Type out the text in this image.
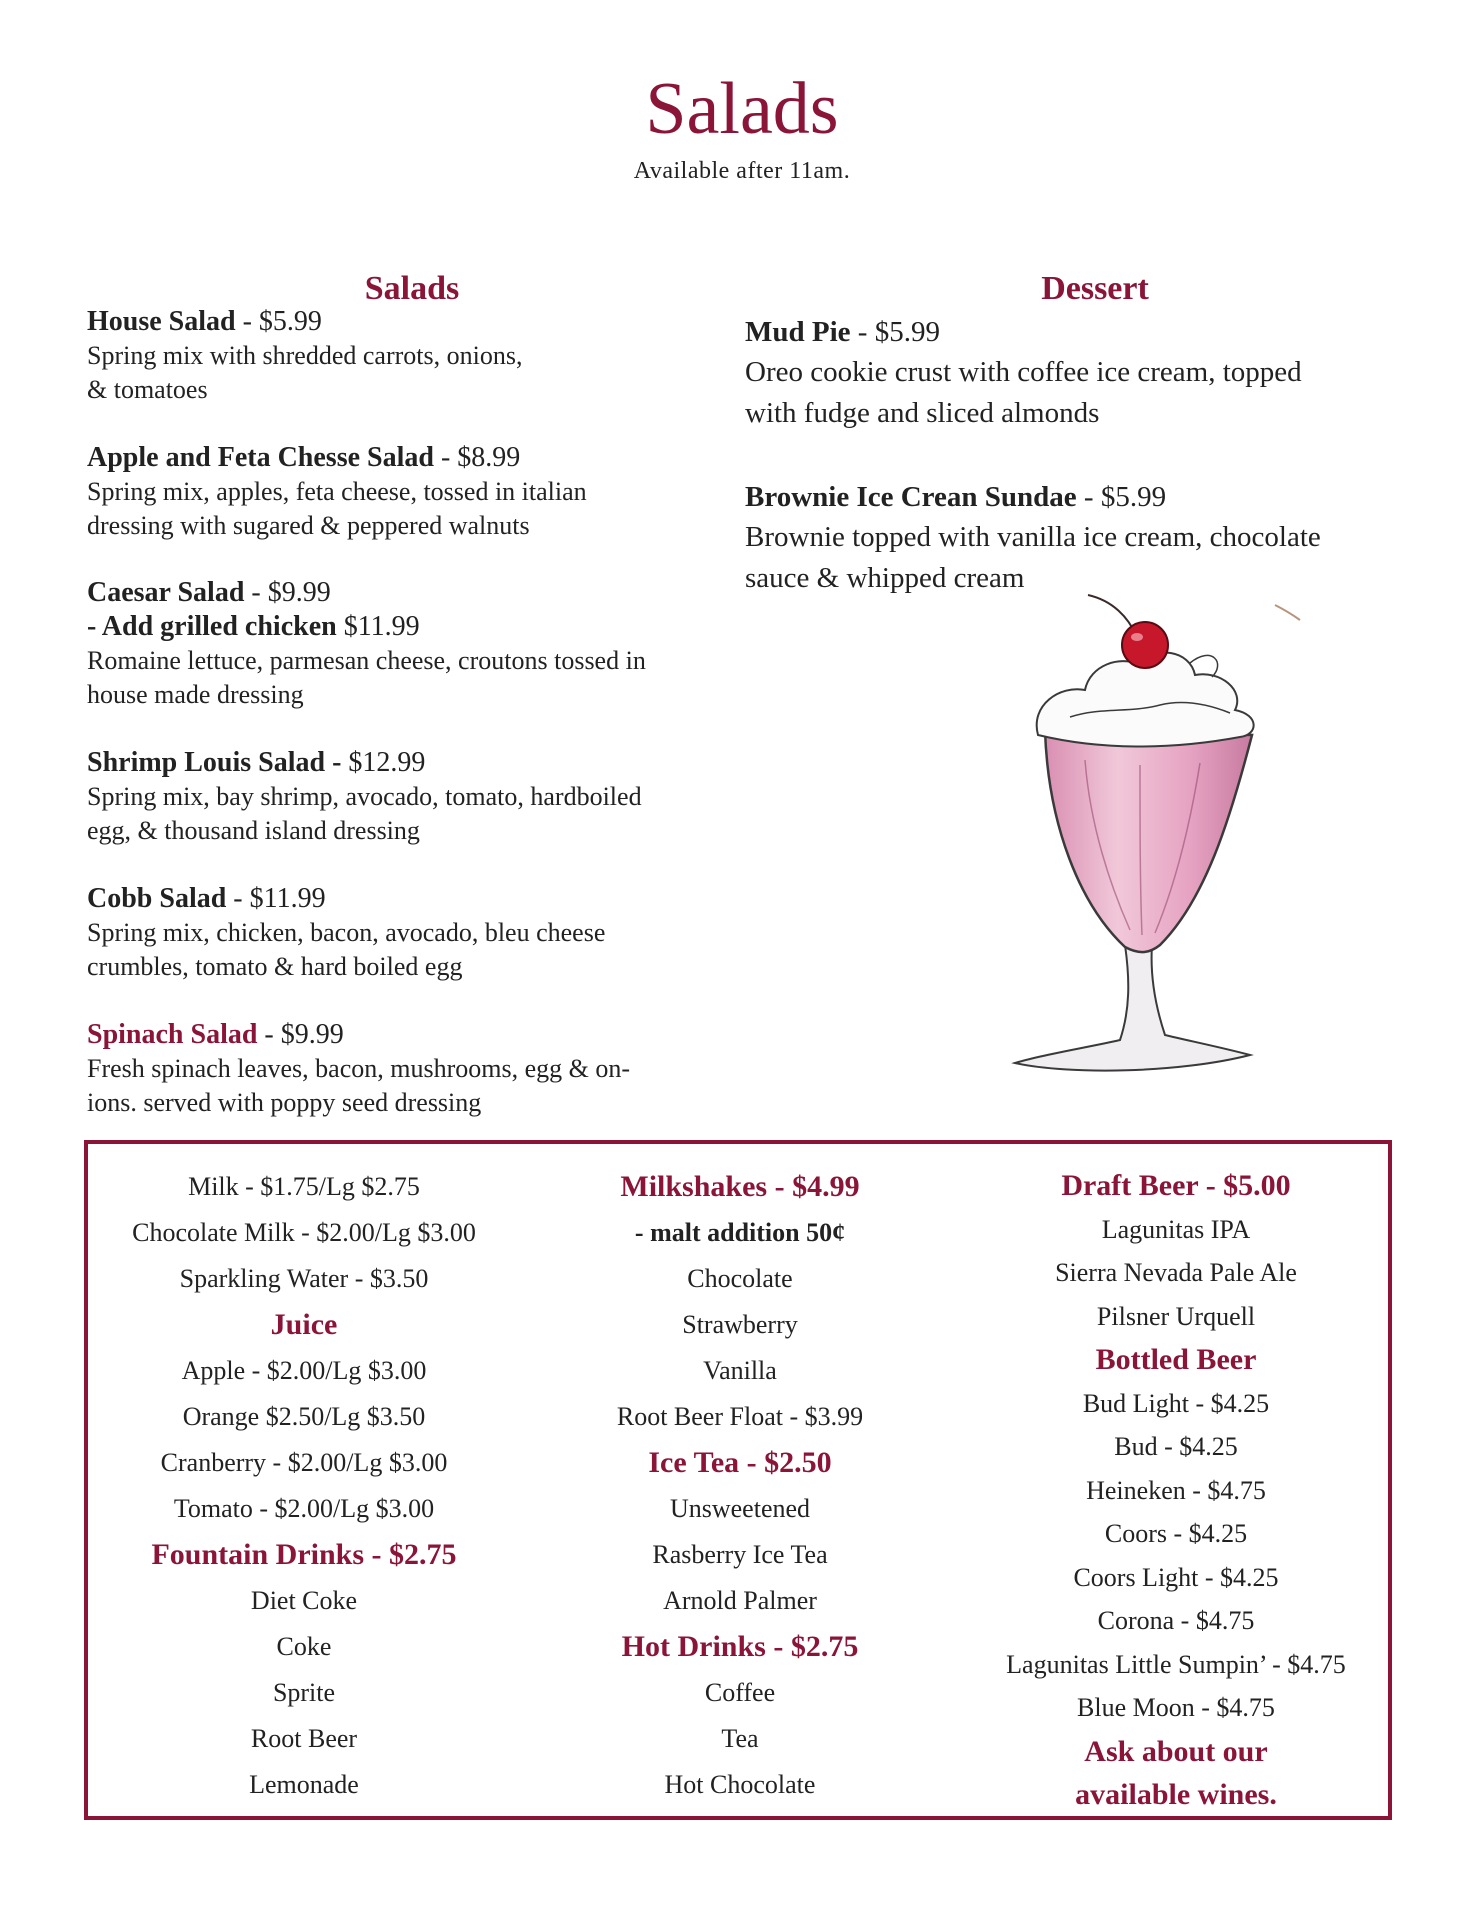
Salads
Available after 11am.
Salads	Dessert
House Salad - $5.99
Spring mix with shredded carrots, onions,
& tomatoes
Apple and Feta Chesse Salad - $8.99
Spring mix, apples, feta cheese, tossed in italian
dressing with sugared & peppered walnuts
Caesar Salad - $9.99
- Add grilled chicken $11.99
Romaine lettuce, parmesan cheese, croutons tossed in
house made dressing
Shrimp Louis Salad - $12.99
Spring mix, bay shrimp, avocado, tomato, hardboiled
egg, & thousand island dressing
Cobb Salad - $11.99
Spring mix, chicken, bacon, avocado, bleu cheese
crumbles, tomato & hard boiled egg
Spinach Salad - $9.99
Fresh spinach leaves, bacon, mushrooms, egg & on-
ions. served with poppy seed dressing
Mud Pie - $5.99
Oreo cookie crust with coffee ice cream, topped
with fudge and sliced almonds
Brownie Ice Crean Sundae - $5.99
Brownie topped with vanilla ice cream, chocolate
sauce & whipped cream
Milk - $1.75/Lg $2.75
Chocolate Milk - $2.00/Lg $3.00
Sparkling Water - $3.50
Juice
Apple - $2.00/Lg $3.00
Orange $2.50/Lg $3.50
Cranberry - $2.00/Lg $3.00
Tomato - $2.00/Lg $3.00
Fountain Drinks - $2.75
Diet Coke
Coke
Sprite
Root Beer
Lemonade
Milkshakes - $4.99
- malt addition 50¢
Chocolate
Strawberry
Vanilla
Root Beer Float - $3.99
Ice Tea - $2.50
Unsweetened
Rasberry Ice Tea
Arnold Palmer
Hot Drinks - $2.75
Coffee
Tea
Hot Chocolate
Draft Beer - $5.00
Lagunitas IPA
Sierra Nevada Pale Ale
Pilsner Urquell
Bottled Beer
Bud Light - $4.25
Bud - $4.25
Heineken - $4.75
Coors - $4.25
Coors Light - $4.25
Corona - $4.75
Lagunitas Little Sumpin’ - $4.75
Blue Moon - $4.75
Ask about our
available wines.
